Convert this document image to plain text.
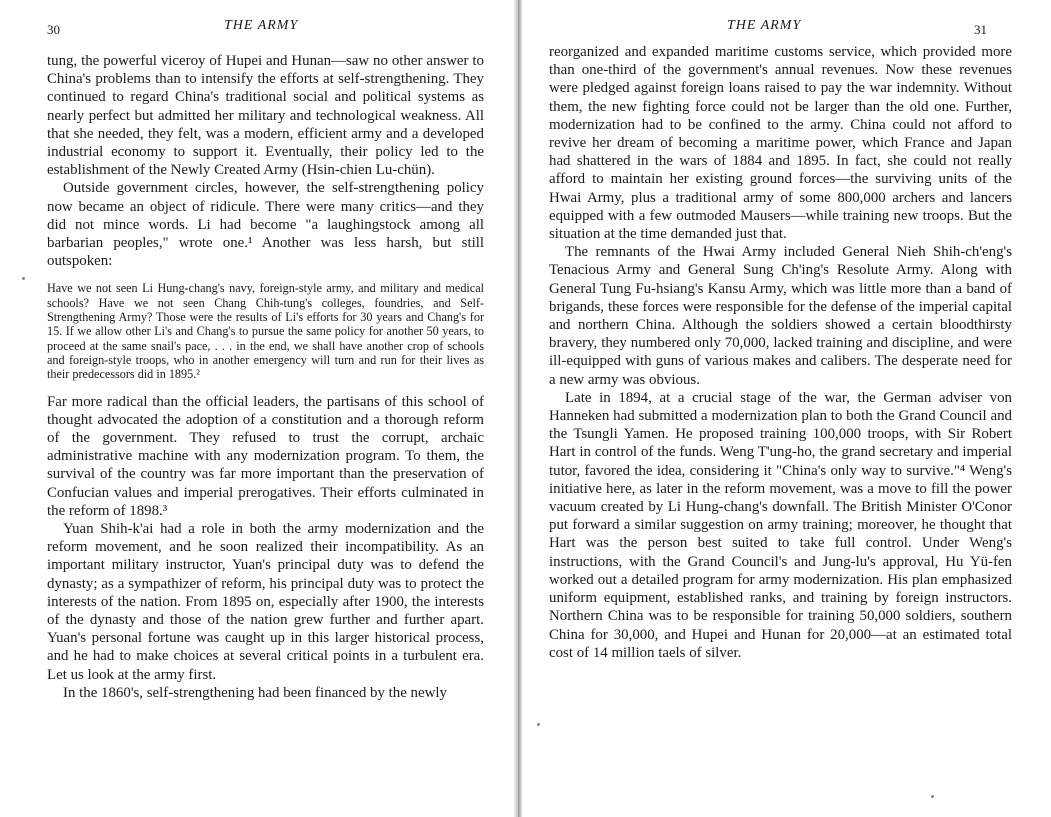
30	THE ARMY

tung, the powerful viceroy of Hupei and Hunan—saw no other answer to China's problems than to intensify the efforts at self-strengthening. They continued to regard China's traditional social and political systems as nearly perfect but admitted her military and technological weakness. All that she needed, they felt, was a modern, efficient army and a developed industrial economy to support it. Eventually, their policy led to the establishment of the Newly Created Army (Hsin-chien Lu-chün).

Outside government circles, however, the self-strengthening policy now became an object of ridicule. There were many critics—and they did not mince words. Li had become "a laughingstock among all barbarian peoples," wrote one.¹ Another was less harsh, but still outspoken:

Have we not seen Li Hung-chang's navy, foreign-style army, and military and medical schools? Have we not seen Chang Chih-tung's colleges, foundries, and Self-Strengthening Army? Those were the results of Li's efforts for 30 years and Chang's for 15. If we allow other Li's and Chang's to pursue the same policy for another 50 years, to proceed at the same snail's pace, . . . in the end, we shall have another crop of schools and foreign-style troops, who in another emergency will turn and run for their lives as their predecessors did in 1895.²

Far more radical than the official leaders, the partisans of this school of thought advocated the adoption of a constitution and a thorough reform of the government. They refused to trust the corrupt, archaic administrative machine with any modernization program. To them, the survival of the country was far more important than the preservation of Confucian values and imperial prerogatives. Their efforts culminated in the reform of 1898.³

Yuan Shih-k'ai had a role in both the army modernization and the reform movement, and he soon realized their incompatibility. As an important military instructor, Yuan's principal duty was to defend the dynasty; as a sympathizer of reform, his principal duty was to protect the interests of the nation. From 1895 on, especially after 1900, the interests of the dynasty and those of the nation grew further and further apart. Yuan's personal fortune was caught up in this larger historical process, and he had to make choices at several critical points in a turbulent era. Let us look at the army first.

In the 1860's, self-strengthening had been financed by the newly

THE ARMY	31

reorganized and expanded maritime customs service, which provided more than one-third of the government's annual revenues. Now these revenues were pledged against foreign loans raised to pay the war indemnity. Without them, the new fighting force could not be larger than the old one. Further, modernization had to be confined to the army. China could not afford to revive her dream of becoming a maritime power, which France and Japan had shattered in the wars of 1884 and 1895. In fact, she could not really afford to maintain her existing ground forces—the surviving units of the Hwai Army, plus a traditional army of some 800,000 archers and lancers equipped with a few outmoded Mausers—while training new troops. But the situation at the time demanded just that.

The remnants of the Hwai Army included General Nieh Shih-ch'eng's Tenacious Army and General Sung Ch'ing's Resolute Army. Along with General Tung Fu-hsiang's Kansu Army, which was little more than a band of brigands, these forces were responsible for the defense of the imperial capital and northern China. Although the soldiers showed a certain bloodthirsty bravery, they numbered only 70,000, lacked training and discipline, and were ill-equipped with guns of various makes and calibers. The desperate need for a new army was obvious.

Late in 1894, at a crucial stage of the war, the German adviser von Hanneken had submitted a modernization plan to both the Grand Council and the Tsungli Yamen. He proposed training 100,000 troops, with Sir Robert Hart in control of the funds. Weng T'ung-ho, the grand secretary and imperial tutor, favored the idea, considering it "China's only way to survive."⁴ Weng's initiative here, as later in the reform movement, was a move to fill the power vacuum created by Li Hung-chang's downfall. The British Minister O'Conor put forward a similar suggestion on army training; moreover, he thought that Hart was the person best suited to take full control. Under Weng's instructions, with the Grand Council's and Jung-lu's approval, Hu Yü-fen worked out a detailed program for army modernization. His plan emphasized uniform equipment, established ranks, and training by foreign instructors. Northern China was to be responsible for training 50,000 soldiers, southern China for 30,000, and Hupei and Hunan for 20,000—at an estimated total cost of 14 million taels of silver.
